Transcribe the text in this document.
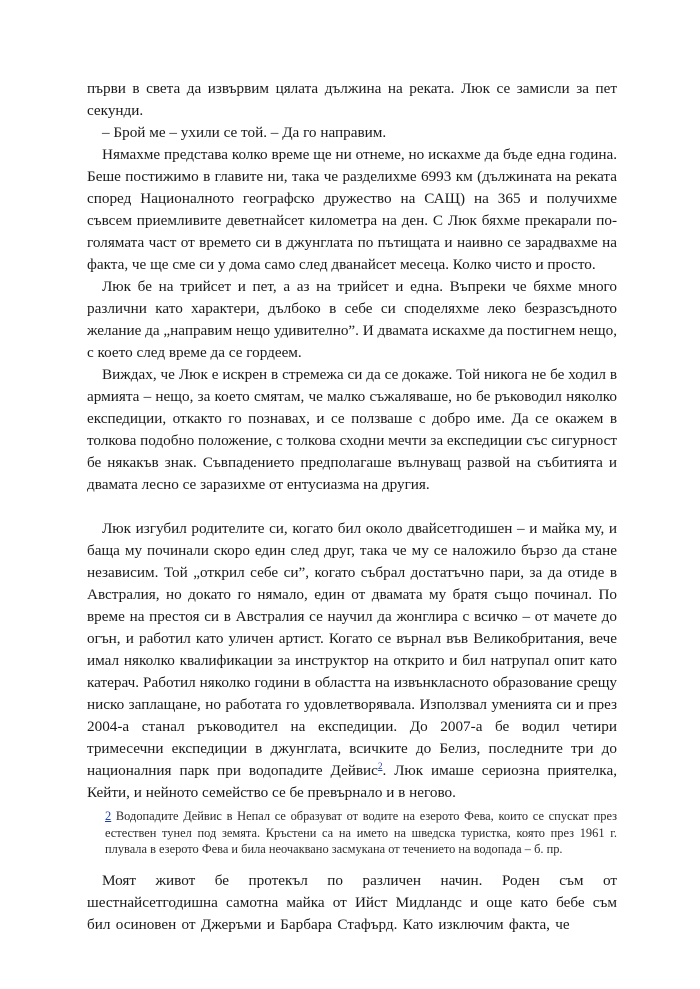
първи в света да извървим цялата дължина на реката. Люк се замисли за пет секунди.

– Брой ме – ухили се той. – Да го направим.

Нямахме представа колко време ще ни отнеме, но искахме да бъде една година. Беше постижимо в главите ни, така че разделихме 6993 км (дължината на реката според Националното географско дружество на САЩ) на 365 и получихме съвсем приемливите деветнайсет километра на ден. С Люк бяхме прекарали по-голямата част от времето си в джунглата по пътищата и наивно се зарадвахме на факта, че ще сме си у дома само след дванайсет месеца. Колко чисто и просто.

Люк бе на трийсет и пет, а аз на трийсет и една. Въпреки че бяхме много различни като характери, дълбоко в себе си споделяхме леко безразсъдното желание да „направим нещо удивително”. И двамата искахме да постигнем нещо, с което след време да се гордеем.

Виждах, че Люк е искрен в стремежа си да се докаже. Той никога не бе ходил в армията – нещо, за което смятам, че малко съжаляваше, но бе ръководил няколко експедиции, откакто го познавах, и се ползваше с добро име. Да се окажем в толкова подобно положение, с толкова сходни мечти за експедиции със сигурност бе някакъв знак. Съвпадението предполагаше вълнуващ развой на събитията и двамата лесно се заразихме от ентусиазма на другия.

Люк изгубил родителите си, когато бил около двайсетгодишен – и майка му, и баща му починали скоро един след друг, така че му се наложило бързо да стане независим. Той „открил себе си”, когато събрал достатъчно пари, за да отиде в Австралия, но докато го нямало, един от двамата му братя също починал. По време на престоя си в Австралия се научил да жонглира с всичко – от мачете до огън, и работил като уличен артист. Когато се върнал във Великобритания, вече имал няколко квалификации за инструктор на открито и бил натрупал опит като катерач. Работил няколко години в областта на извънкласното образование срещу ниско заплащане, но работата го удовлетворявала. Използвал уменията си и през 2004-а станал ръководител на експедиции. До 2007-а бе водил четири тримесечни експедиции в джунглата, всичките до Белиз, последните три до националния парк при водопадите Дейвис$^2$. Люк имаше сериозна приятелка, Кейти, и нейното семейство се бе превърнало и в негово.

2 Водопадите Дейвис в Непал се образуват от водите на езерото Фева, които се спускат през естествен тунел под земята. Кръстени са на името на шведска туристка, която през 1961 г. плувала в езерото Фева и била неочаквано засмукана от течението на водопада – б. пр.

Моят живот бе протекъл по различен начин. Роден съм от шестнайсетгодишна самотна майка от Ийст Мидландс и още като бебе съм бил осиновен от Джеръми и Барбара Стафърд. Като изключим факта, че
